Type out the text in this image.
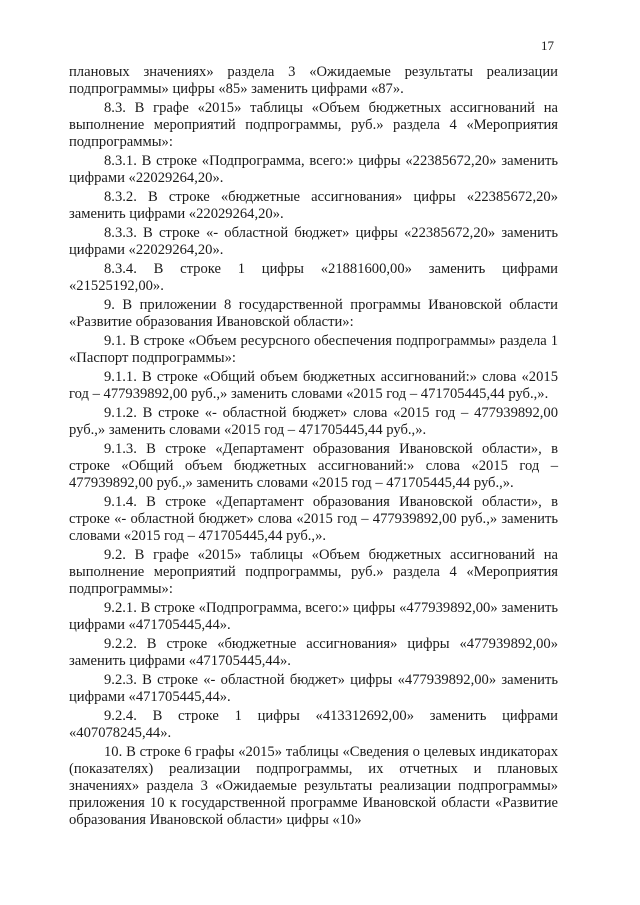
17

плановых значениях» раздела 3 «Ожидаемые результаты реализации подпрограммы» цифры «85» заменить цифрами «87».

8.3. В графе «2015» таблицы «Объем бюджетных ассигнований на выполнение мероприятий подпрограммы, руб.» раздела 4 «Мероприятия подпрограммы»:

8.3.1. В строке «Подпрограмма, всего:» цифры «22385672,20» заменить цифрами «22029264,20».

8.3.2. В строке «бюджетные ассигнования» цифры «22385672,20» заменить цифрами «22029264,20».

8.3.3. В строке «- областной бюджет» цифры «22385672,20» заменить цифрами «22029264,20».

8.3.4. В строке 1 цифры «21881600,00» заменить цифрами «21525192,00».

9. В приложении 8 государственной программы Ивановской области «Развитие образования Ивановской области»:

9.1. В строке «Объем ресурсного обеспечения подпрограммы» раздела 1 «Паспорт подпрограммы»:

9.1.1. В строке «Общий объем бюджетных ассигнований:» слова «2015 год – 477939892,00 руб.,» заменить словами «2015 год – 471705445,44 руб.,».

9.1.2. В строке «- областной бюджет» слова «2015 год – 477939892,00 руб.,» заменить словами «2015 год – 471705445,44 руб.,».

9.1.3. В строке «Департамент образования Ивановской области», в строке «Общий объем бюджетных ассигнований:» слова «2015 год – 477939892,00 руб.,» заменить словами «2015 год – 471705445,44 руб.,».

9.1.4. В строке «Департамент образования Ивановской области», в строке «- областной бюджет» слова «2015 год – 477939892,00 руб.,» заменить словами «2015 год – 471705445,44 руб.,».

9.2. В графе «2015» таблицы «Объем бюджетных ассигнований на выполнение мероприятий подпрограммы, руб.» раздела 4 «Мероприятия подпрограммы»:

9.2.1. В строке «Подпрограмма, всего:» цифры «477939892,00» заменить цифрами «471705445,44».

9.2.2. В строке «бюджетные ассигнования» цифры «477939892,00» заменить цифрами «471705445,44».

9.2.3. В строке «- областной бюджет» цифры «477939892,00» заменить цифрами «471705445,44».

9.2.4. В строке 1 цифры «413312692,00» заменить цифрами «407078245,44».

10. В строке 6 графы «2015» таблицы «Сведения о целевых индикаторах (показателях) реализации подпрограммы, их отчетных и плановых значениях» раздела 3 «Ожидаемые результаты реализации подпрограммы» приложения 10 к государственной программе Ивановской области «Развитие образования Ивановской области» цифры «10»
